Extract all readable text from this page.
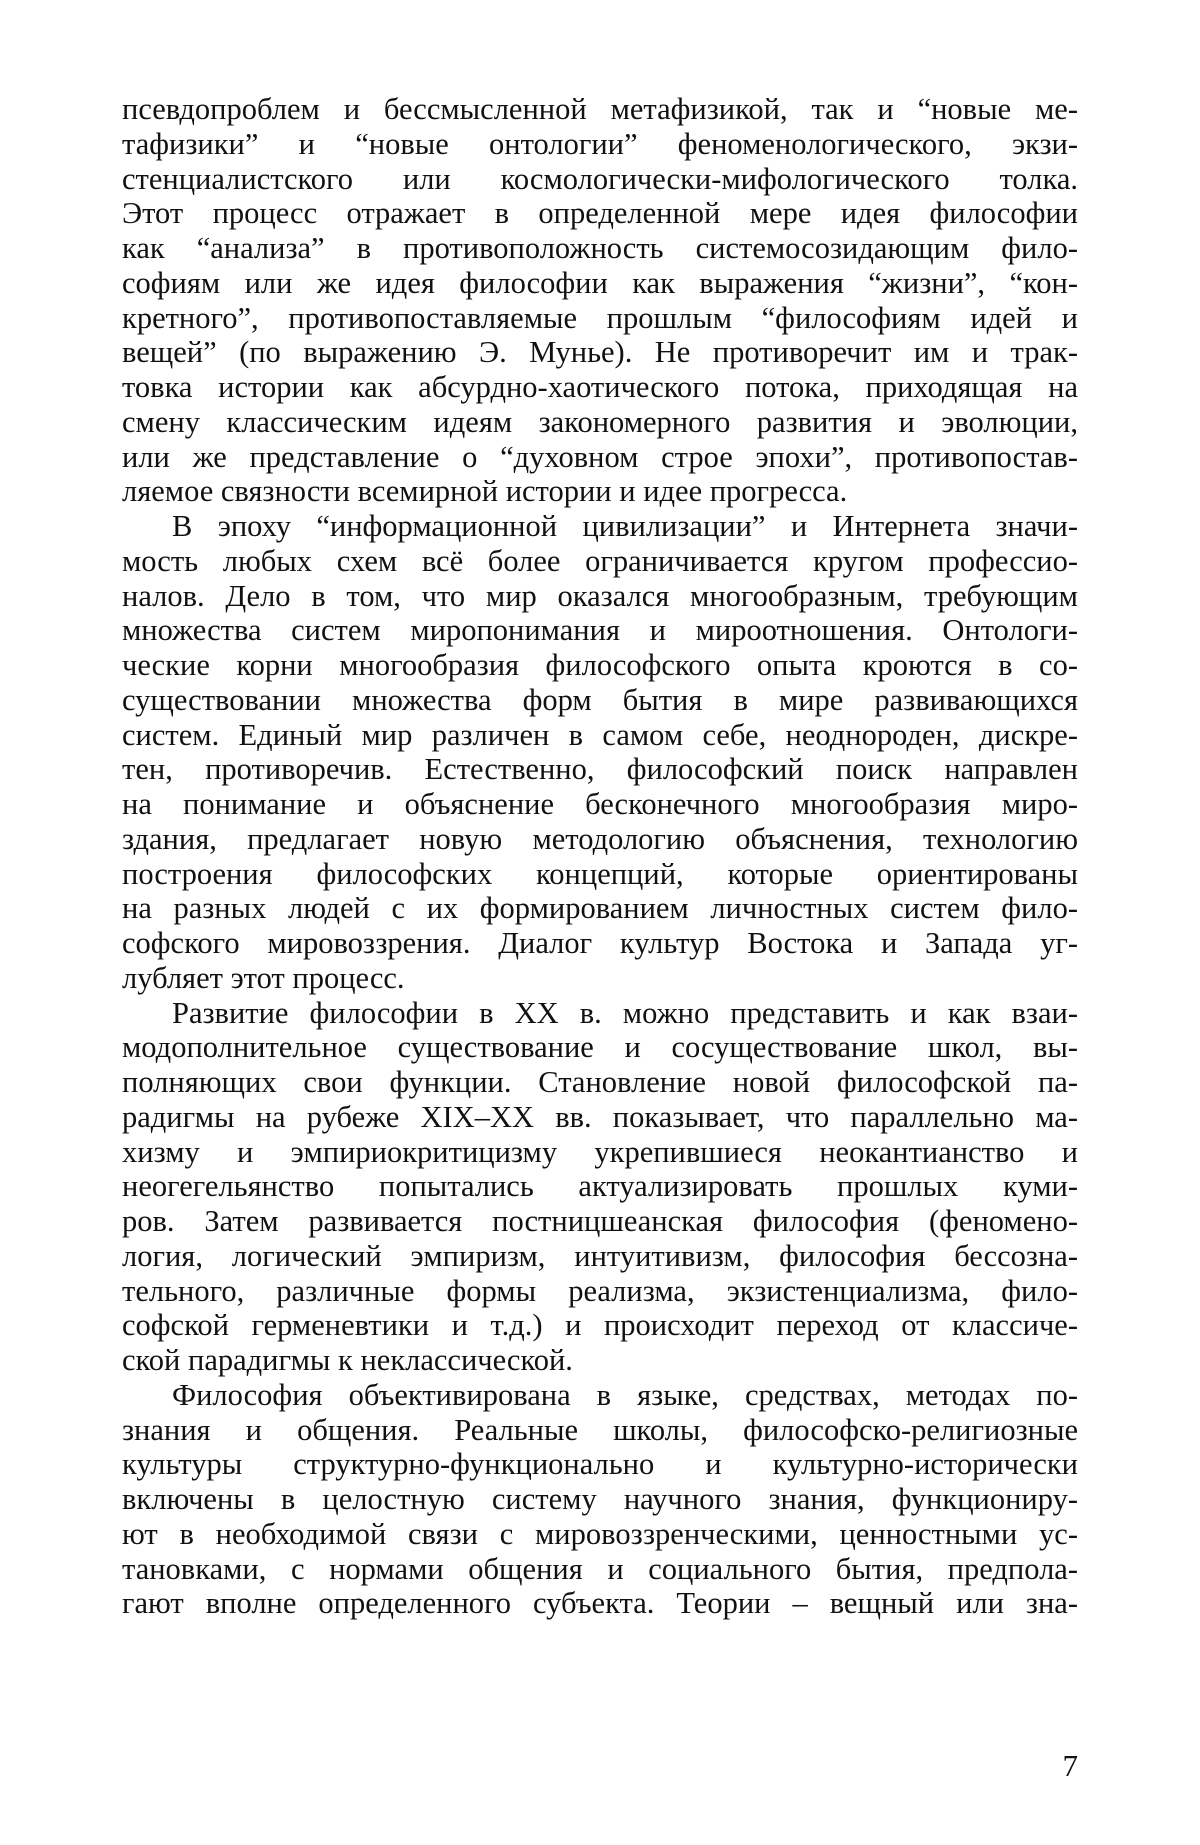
псевдопроблем и бессмысленной метафизикой, так и “новые ме-
тафизики” и “новые онтологии” феноменологического, экзи-
стенциалистского или космологически-мифологического толка.
Этот процесс отражает в определенной мере идея философии
как “анализа” в противоположность системосозидающим фило-
софиям или же идея философии как выражения “жизни”, “кон-
кретного”, противопоставляемые прошлым “философиям идей и
вещей” (по выражению Э. Мунье). Не противоречит им и трак-
товка истории как абсурдно-хаотического потока, приходящая на
смену классическим идеям закономерного развития и эволюции,
или же представление о “духовном строе эпохи”, противопостав-
ляемое связности всемирной истории и идее прогресса.
В эпоху “информационной цивилизации” и Интернета значи-
мость любых схем всё более ограничивается кругом профессио-
налов. Дело в том, что мир оказался многообразным, требующим
множества систем миропонимания и мироотношения. Онтологи-
ческие корни многообразия философского опыта кроются в со-
существовании множества форм бытия в мире развивающихся
систем. Единый мир различен в самом себе, неоднороден, дискре-
тен, противоречив. Естественно, философский поиск направлен
на понимание и объяснение бесконечного многообразия миро-
здания, предлагает новую методологию объяснения, технологию
построения философских концепций, которые ориентированы
на разных людей с их формированием личностных систем фило-
софского мировоззрения. Диалог культур Востока и Запада уг-
лубляет этот процесс.
Развитие философии в XX в. можно представить и как взаи-
модополнительное существование и сосуществование школ, вы-
полняющих свои функции. Становление новой философской па-
радигмы на рубеже XIX–XX вв. показывает, что параллельно ма-
хизму и эмпириокритицизму укрепившиеся неокантианство и
неогегельянство попытались актуализировать прошлых куми-
ров. Затем развивается постницшеанская философия (феномено-
логия, логический эмпиризм, интуитивизм, философия бессозна-
тельного, различные формы реализма, экзистенциализма, фило-
софской герменевтики и т.д.) и происходит переход от классиче-
ской парадигмы к неклассической.
Философия объективирована в языке, средствах, методах по-
знания и общения. Реальные школы, философско-религиозные
культуры структурно-функционально и культурно-исторически
включены в целостную систему научного знания, функциониру-
ют в необходимой связи с мировоззренческими, ценностными ус-
тановками, с нормами общения и социального бытия, предпола-
гают вполне определенного субъекта. Теории – вещный или зна-
7
